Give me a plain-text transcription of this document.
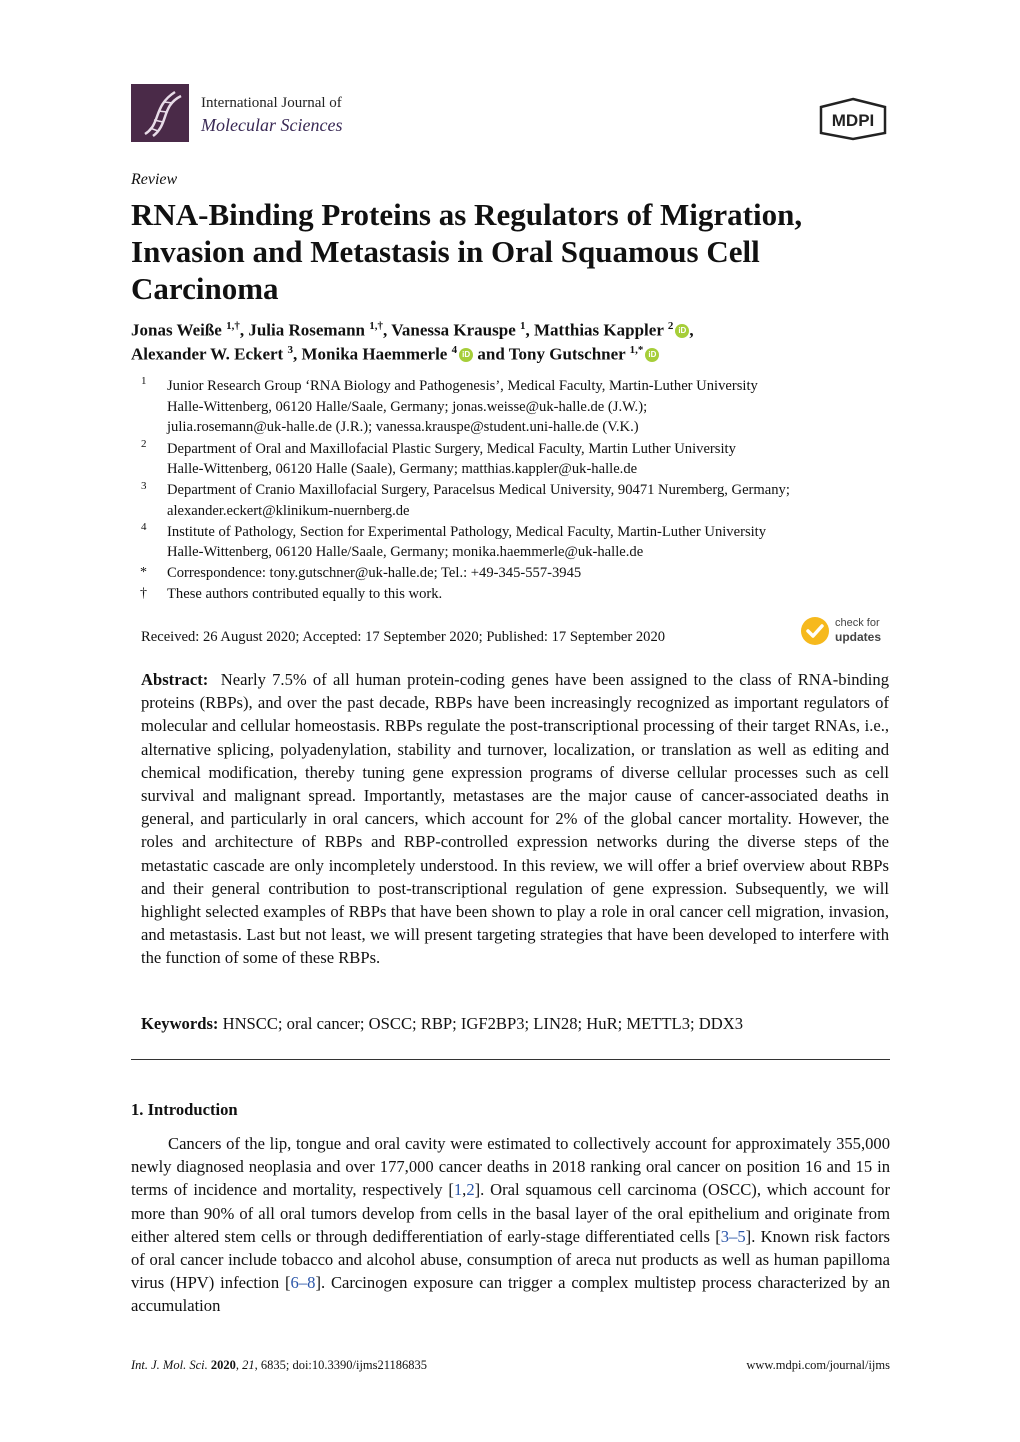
International Journal of
Molecular Sciences	MDPI
Review
RNA-Binding Proteins as Regulators of Migration, Invasion and Metastasis in Oral Squamous Cell Carcinoma
Jonas Weiße $^{1,\dagger}$, Julia Rosemann $^{1,\dagger}$, Vanessa Krauspe $^1$, Matthias Kappler $^2$ iD ,
Alexander W. Eckert $^3$, Monika Haemmerle $^4$ iD and Tony Gutschner $^{1,*}$ iD
1 Junior Research Group ‘RNA Biology and Pathogenesis’, Medical Faculty, Martin-Luther University
Halle-Wittenberg, 06120 Halle/Saale, Germany; jonas.weisse@uk-halle.de (J.W.);
julia.rosemann@uk-halle.de (J.R.); vanessa.krauspe@student.uni-halle.de (V.K.)
2 Department of Oral and Maxillofacial Plastic Surgery, Medical Faculty, Martin Luther University
Halle-Wittenberg, 06120 Halle (Saale), Germany; matthias.kappler@uk-halle.de
3 Department of Cranio Maxillofacial Surgery, Paracelsus Medical University, 90471 Nuremberg, Germany;
alexander.eckert@klinikum-nuernberg.de
4 Institute of Pathology, Section for Experimental Pathology, Medical Faculty, Martin-Luther University
Halle-Wittenberg, 06120 Halle/Saale, Germany; monika.haemmerle@uk-halle.de
* Correspondence: tony.gutschner@uk-halle.de; Tel.: +49-345-557-3945
† These authors contributed equally to this work.
Received: 26 August 2020; Accepted: 17 September 2020; Published: 17 September 2020
check for
updates

Abstract: Nearly 7.5% of all human protein-coding genes have been assigned to the class of RNA-binding proteins (RBPs), and over the past decade, RBPs have been increasingly recognized as important regulators of molecular and cellular homeostasis. RBPs regulate the post-transcriptional processing of their target RNAs, i.e., alternative splicing, polyadenylation, stability and turnover, localization, or translation as well as editing and chemical modification, thereby tuning gene expression programs of diverse cellular processes such as cell survival and malignant spread. Importantly, metastases are the major cause of cancer-associated deaths in general, and particularly in oral cancers, which account for 2% of the global cancer mortality. However, the roles and architecture of RBPs and RBP-controlled expression networks during the diverse steps of the metastatic cascade are only incompletely understood. In this review, we will offer a brief overview about RBPs and their general contribution to post-transcriptional regulation of gene expression. Subsequently, we will highlight selected examples of RBPs that have been shown to play a role in oral cancer cell migration, invasion, and metastasis. Last but not least, we will present targeting strategies that have been developed to interfere with the function of some of these RBPs.

Keywords: HNSCC; oral cancer; OSCC; RBP; IGF2BP3; LIN28; HuR; METTL3; DDX3
1. Introduction

Cancers of the lip, tongue and oral cavity were estimated to collectively account for approximately 355,000 newly diagnosed neoplasia and over 177,000 cancer deaths in 2018 ranking oral cancer on position 16 and 15 in terms of incidence and mortality, respectively [1,2]. Oral squamous cell carcinoma (OSCC), which account for more than 90% of all oral tumors develop from cells in the basal layer of the oral epithelium and originate from either altered stem cells or through dedifferentiation of early-stage differentiated cells [3–5]. Known risk factors of oral cancer include tobacco and alcohol abuse, consumption of areca nut products as well as human papilloma virus (HPV) infection [6–8]. Carcinogen exposure can trigger a complex multistep process characterized by an accumulation

Int. J. Mol. Sci. 2020, 21, 6835; doi:10.3390/ijms21186835	www.mdpi.com/journal/ijms
